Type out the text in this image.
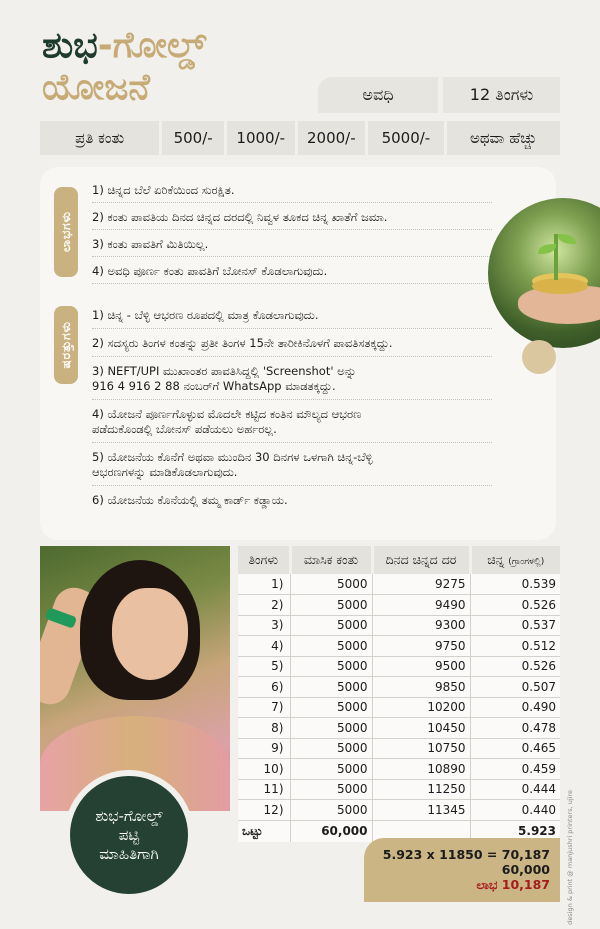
ಶುಭ-ಗೋಲ್ಡ್
ಯೋಜನೆ	ಅವಧಿ	12 ತಿಂಗಳು
ಪ್ರತಿ ಕಂತು	500/-	1000/-	2000/-	5000/-	ಅಥವಾ ಹೆಚ್ಚು
ಲಾಭಗಳು
1) ಚಿನ್ನದ ಬೆಲೆ ಏರಿಕೆಯಿಂದ ಸುರಕ್ಷಿತ.
2) ಕಂತು ಪಾವತಿಯ ದಿನದ ಚಿನ್ನದ ದರದಲ್ಲಿ ನಿವ್ವಳ ತೂಕದ ಚಿನ್ನ ಖಾತೆಗೆ ಜಮಾ.
3) ಕಂತು ಪಾವತಿಗೆ ಮಿತಿಯಿಲ್ಲ.
4) ಅವಧಿ ಪೂರ್ಣ ಕಂತು ಪಾವತಿಗೆ ಬೋನಸ್ ಕೊಡಲಾಗುವುದು.
ಷರತ್ತುಗಳು
1) ಚಿನ್ನ - ಬೆಳ್ಳಿ ಆಭರಣ ರೂಪದಲ್ಲಿ ಮಾತ್ರ ಕೊಡಲಾಗುವುದು.
2) ಸದಸ್ಯರು ತಿಂಗಳ ಕಂತನ್ನು ಪ್ರತೀ ತಿಂಗಳ 15ನೇ ತಾರೀಕಿನೊಳಗೆ ಪಾವತಿಸತಕ್ಕದ್ದು.
3) NEFT/UPI ಮುಖಾಂತರ ಪಾವತಿಸಿದ್ದಲ್ಲಿ 'Screenshot' ಅನ್ನು
916 4 916 2 88 ನಂಬರ್‌ಗೆ WhatsApp ಮಾಡತಕ್ಕದ್ದು.
4) ಯೋಜನೆ ಪೂರ್ಣಗೊಳ್ಳುವ ಮೊದಲೇ ಕಟ್ಟಿದ ಕಂತಿನ ಮೌಲ್ಯದ ಆಭರಣ
ಪಡೆದುಕೊಂಡಲ್ಲಿ ಬೋನಸ್ ಪಡೆಯಲು ಅರ್ಹರಲ್ಲ.
5) ಯೋಜನೆಯ ಕೊನೆಗೆ ಅಥವಾ ಮುಂದಿನ 30 ದಿನಗಳ ಒಳಗಾಗಿ ಚಿನ್ನ-ಬೆಳ್ಳಿ
ಆಭರಣಗಳನ್ನು ಮಾಡಿಕೊಡಲಾಗುವುದು.
6) ಯೋಜನೆಯ ಕೊನೆಯಲ್ಲಿ ತಮ್ಮ ಕಾರ್ಡ್ ಕಡ್ಡಾಯ.
ಶುಭ-ಗೋಲ್ಡ್
ಪಟ್ಟಿ
ಮಾಹಿತಿಗಾಗಿ
ತಿಂಗಳು	ಮಾಸಿಕ ಕಂತು	ದಿನದ ಚಿನ್ನದ ದರ	ಚಿನ್ನ (ಗ್ರಾಂಗಳಲ್ಲಿ)
1)	5000	9275	0.539
2)	5000	9490	0.526
3)	5000	9300	0.537
4)	5000	9750	0.512
5)	5000	9500	0.526
6)	5000	9850	0.507
7)	5000	10200	0.490
8)	5000	10450	0.478
9)	5000	10750	0.465
10)	5000	10890	0.459
11)	5000	11250	0.444
12)	5000	11345	0.440
ಒಟ್ಟು	60,000		5.923
5.923 x 11850 = 70,187
60,000
ಲಾಭ 10,187 design & print @ manjushri printers, ujire
